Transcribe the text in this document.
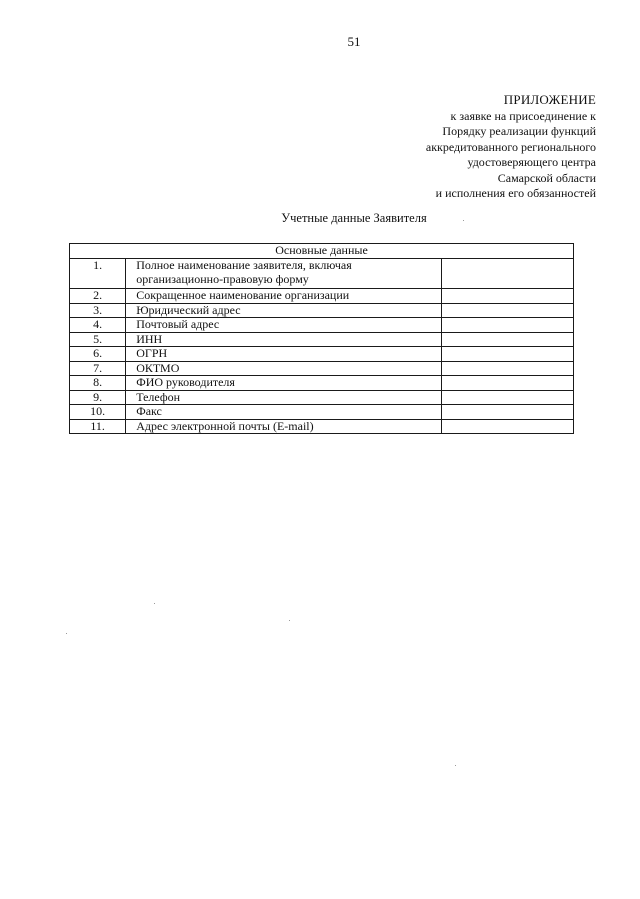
51
ПРИЛОЖЕНИЕ
к заявке на присоединение к
Порядку реализации функций
аккредитованного регионального
удостоверяющего центра
Самарской области
и исполнения его обязанностей
Учетные данные Заявителя
Основные данные		
1.	Полное наименование заявителя, включая организационно-правовую форму	
2.	Сокращенное наименование организации	
3.	Юридический адрес	
4.	Почтовый адрес	
5.	ИНН	
6.	ОГРН	
7.	ОКТМО	
8.	ФИО руководителя	
9.	Телефон	
10.	Факс	
11.	Адрес электронной почты (E-mail)	
